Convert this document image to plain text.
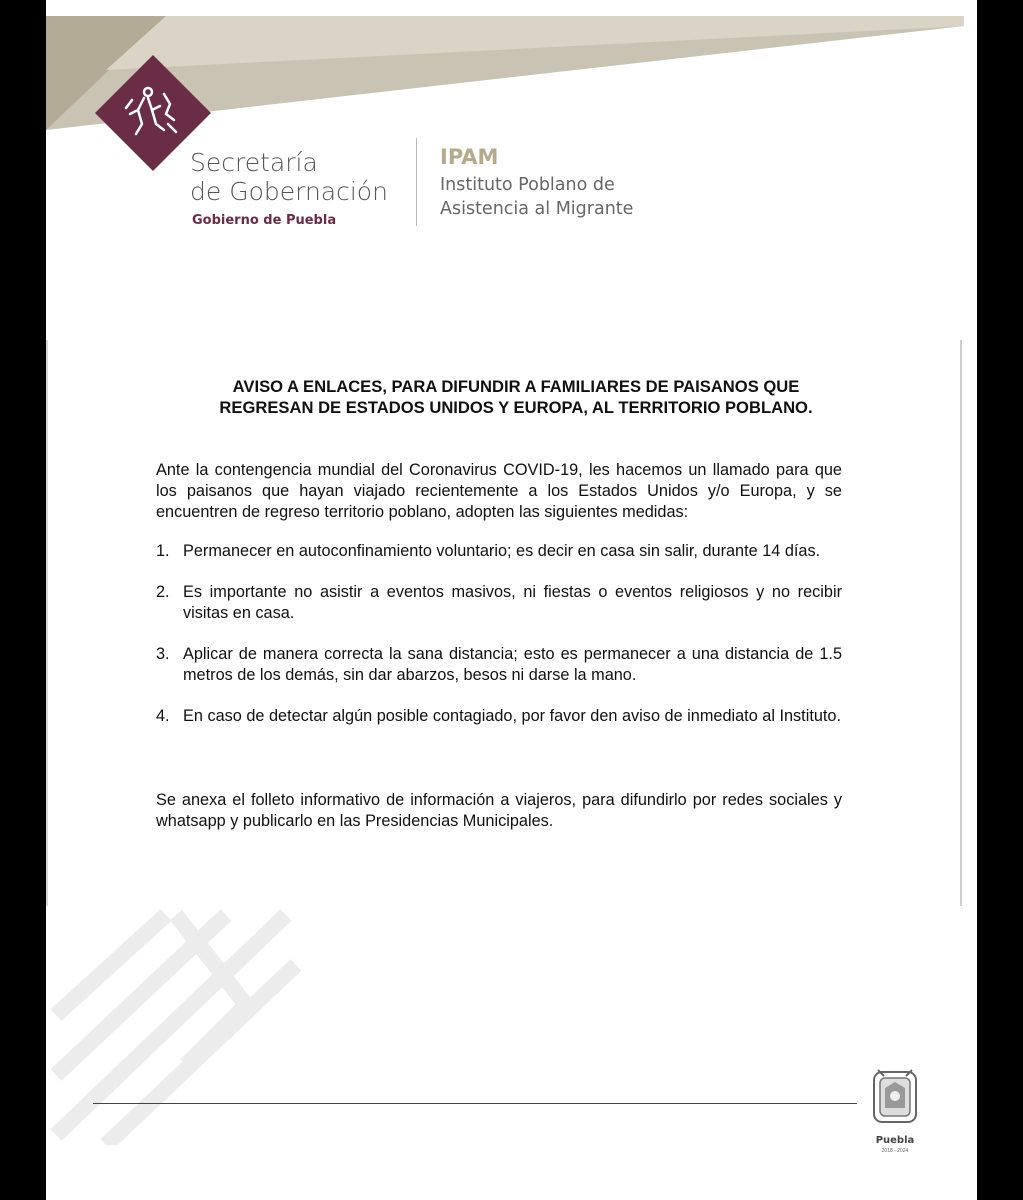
Secretaría
de Gobernación
Gobierno de Puebla
IPAM
Instituto Poblano de
Asistencia al Migrante
AVISO A ENLACES, PARA DIFUNDIR A FAMILIARES DE PAISANOS QUE
REGRESAN DE ESTADOS UNIDOS Y EUROPA, AL TERRITORIO POBLANO.
Ante la contengencia mundial del Coronavirus COVID-19, les hacemos un llamado para que los paisanos que hayan viajado recientemente a los Estados Unidos y/o Europa, y se encuentren de regreso territorio poblano, adopten las siguientes medidas:
1. Permanecer en autoconfinamiento voluntario; es decir en casa sin salir, durante 14 días.
2. Es importante no asistir a eventos masivos, ni fiestas o eventos religiosos y no recibir visitas en casa.
3. Aplicar de manera correcta la sana distancia; esto es permanecer a una distancia de 1.5 metros de los demás, sin dar abarzos, besos ni darse la mano.
4. En caso de detectar algún posible contagiado, por favor den aviso de inmediato al Instituto.
Se anexa el folleto informativo de información a viajeros, para difundirlo por redes sociales y whatsapp y publicarlo en las Presidencias Municipales.
Puebla
2018 - 2024
